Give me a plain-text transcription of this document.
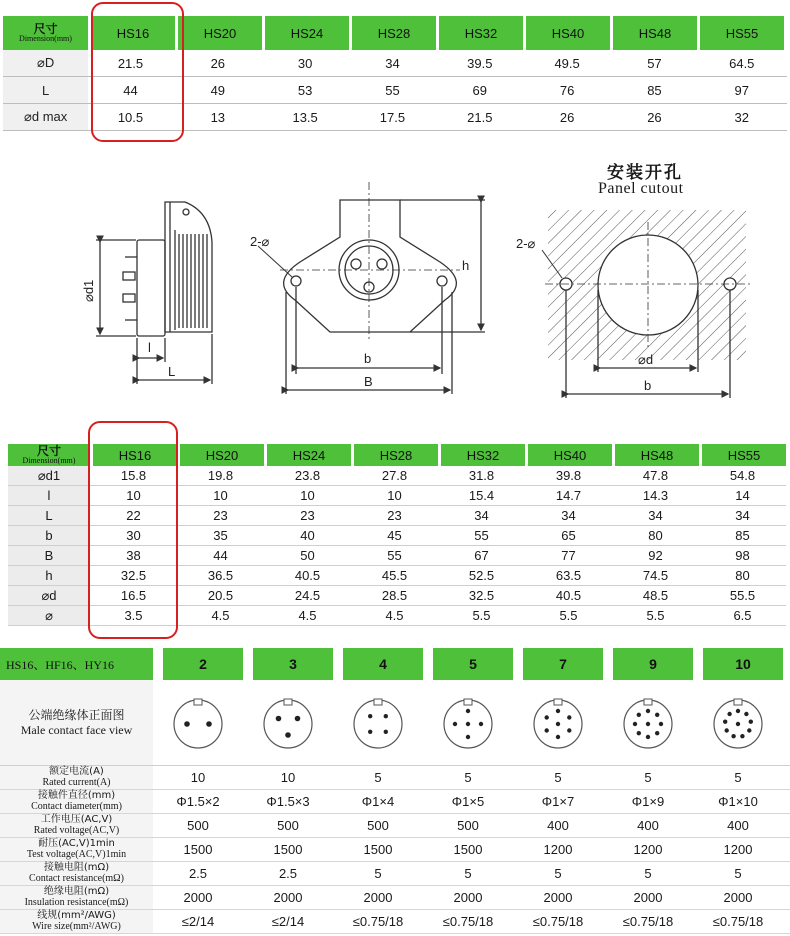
尺寸
Dimension(mm)	HS16	HS20	HS24	HS28	HS32	HS40	HS48	HS55
⌀D	21.5	26	30	34	39.5	49.5	57	64.5
L	44	49	53	55	69	76	85	97
⌀d max	10.5	13	13.5	17.5	21.5	26	26	32
⌀d1
l
L
2-⌀
h
b
B
2-⌀
⌀d
b
安装开孔
Panel cutout
尺寸
Dimension(mm)	HS16	HS20	HS24	HS28	HS32	HS40	HS48	HS55
⌀d1	15.8	19.8	23.8	27.8	31.8	39.8	47.8	54.8
l	10	10	10	10	15.4	14.7	14.3	14
L	22	23	23	23	34	34	34	34
b	30	35	40	45	55	65	80	85
B	38	44	50	55	67	77	92	98
h	32.5	36.5	40.5	45.5	52.5	63.5	74.5	80
⌀d	16.5	20.5	24.5	28.5	32.5	40.5	48.5	55.5
⌀	3.5	4.5	4.5	4.5	5.5	5.5	5.5	6.5
HS16、HF16、HY16	2	3	4	5	7	9	10
公端绝缘体正面图
Male contact face view
额定电流(A)
Rated current(A)	10	10	5	5	5	5	5
接触件直径(mm)
Contact diameter(mm)	Φ1.5×2	Φ1.5×3	Φ1×4	Φ1×5	Φ1×7	Φ1×9	Φ1×10
工作电压(AC,V)
Rated voltage(AC,V)	500	500	500	500	400	400	400
耐压(AC,V)1min
Test voltage(AC,V)1min	1500	1500	1500	1500	1200	1200	1200
接触电阻(mΩ)
Contact resistance(mΩ)	2.5	2.5	5	5	5	5	5
绝缘电阻(mΩ)
Insulation resistance(mΩ)	2000	2000	2000	2000	2000	2000	2000
线规(mm²/AWG)
Wire size(mm²/AWG)	≤2/14	≤2/14	≤0.75/18	≤0.75/18	≤0.75/18	≤0.75/18	≤0.75/18
